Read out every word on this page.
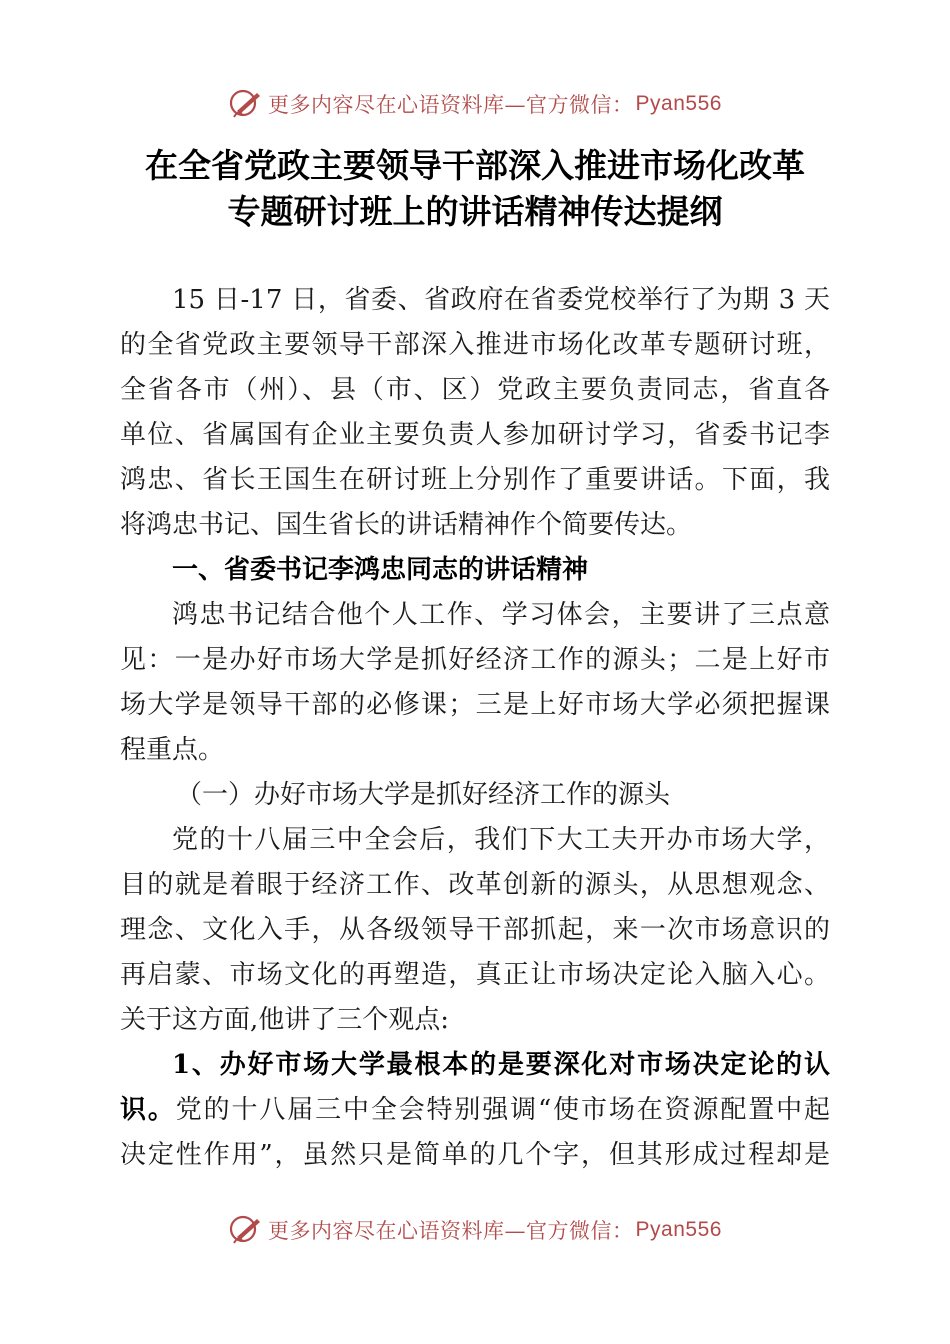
更多内容尽在心语资料库—官方微信： Pyan556
在全省党政主要领导干部深入推进市场化改革
专题研讨班上的讲话精神传达提纲
15 日-17 日，省委、省政府在省委党校举行了为期 3 天
的全省党政主要领导干部深入推进市场化改革专题研讨班，
全省各市（州）、县（市、区）党政主要负责同志，省直各
单位、省属国有企业主要负责人参加研讨学习，省委书记李
鸿忠、省长王国生在研讨班上分别作了重要讲话。下面，我
将鸿忠书记、国生省长的讲话精神作个简要传达。
一、省委书记李鸿忠同志的讲话精神
鸿忠书记结合他个人工作、学习体会，主要讲了三点意
见：一是办好市场大学是抓好经济工作的源头；二是上好市
场大学是领导干部的必修课；三是上好市场大学必须把握课
程重点。
（一）办好市场大学是抓好经济工作的源头
党的十八届三中全会后，我们下大工夫开办市场大学，
目的就是着眼于经济工作、改革创新的源头，从思想观念、
理念、文化入手，从各级领导干部抓起，来一次市场意识的
再启蒙、市场文化的再塑造，真正让市场决定论入脑入心。
关于这方面,他讲了三个观点:
1、办好市场大学最根本的是要深化对市场决定论的认
识。党的十八届三中全会特别强调“使市场在资源配置中起
决定性作用”，虽然只是简单的几个字，但其形成过程却是
更多内容尽在心语资料库—官方微信： Pyan556
